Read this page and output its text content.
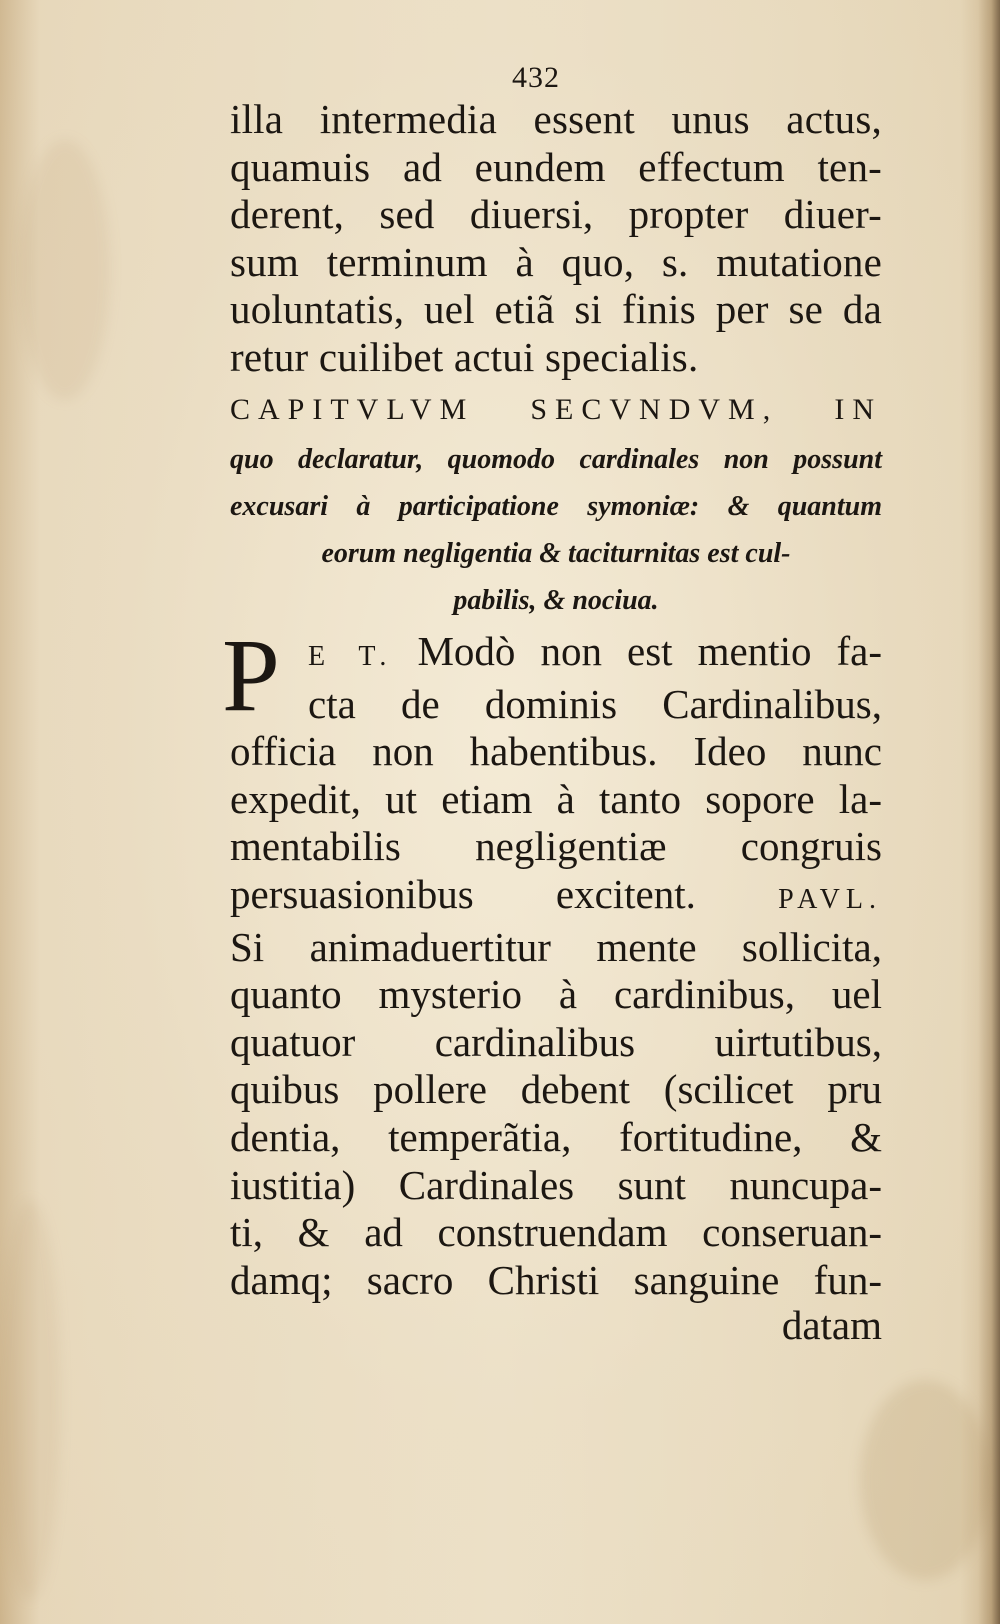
432
illa intermedia essent unus actus,
quamuis ad eundem effectum ten-
derent, sed diuersi, propter diuer-
sum terminum à quo, s. mutatione
uoluntatis, uel etiã si finis per se da
retur cuilibet actui specialis.
CAPITVLVM SECVNDVM, IN
quo declaratur, quomodo cardinales non possunt
excusari à participatione symoniæ: & quantum
eorum negligentia & taciturnitas est cul-
pabilis, & nociua.
P	E T. Modò non est mentio fa-
cta de dominis Cardinalibus,
officia non habentibus. Ideo nunc
expedit, ut etiam à tanto sopore la-
mentabilis negligentiæ congruis
persuasionibus excitent.	PAVL.
Si animaduertitur mente sollicita,
quanto mysterio à cardinibus, uel
quatuor cardinalibus uirtutibus,
quibus pollere debent (scilicet pru
dentia, temperãtia, fortitudine, &
iustitia) Cardinales sunt nuncupa-
ti, & ad construendam conseruan-
damq; sacro Christi sanguine fun-
datam
